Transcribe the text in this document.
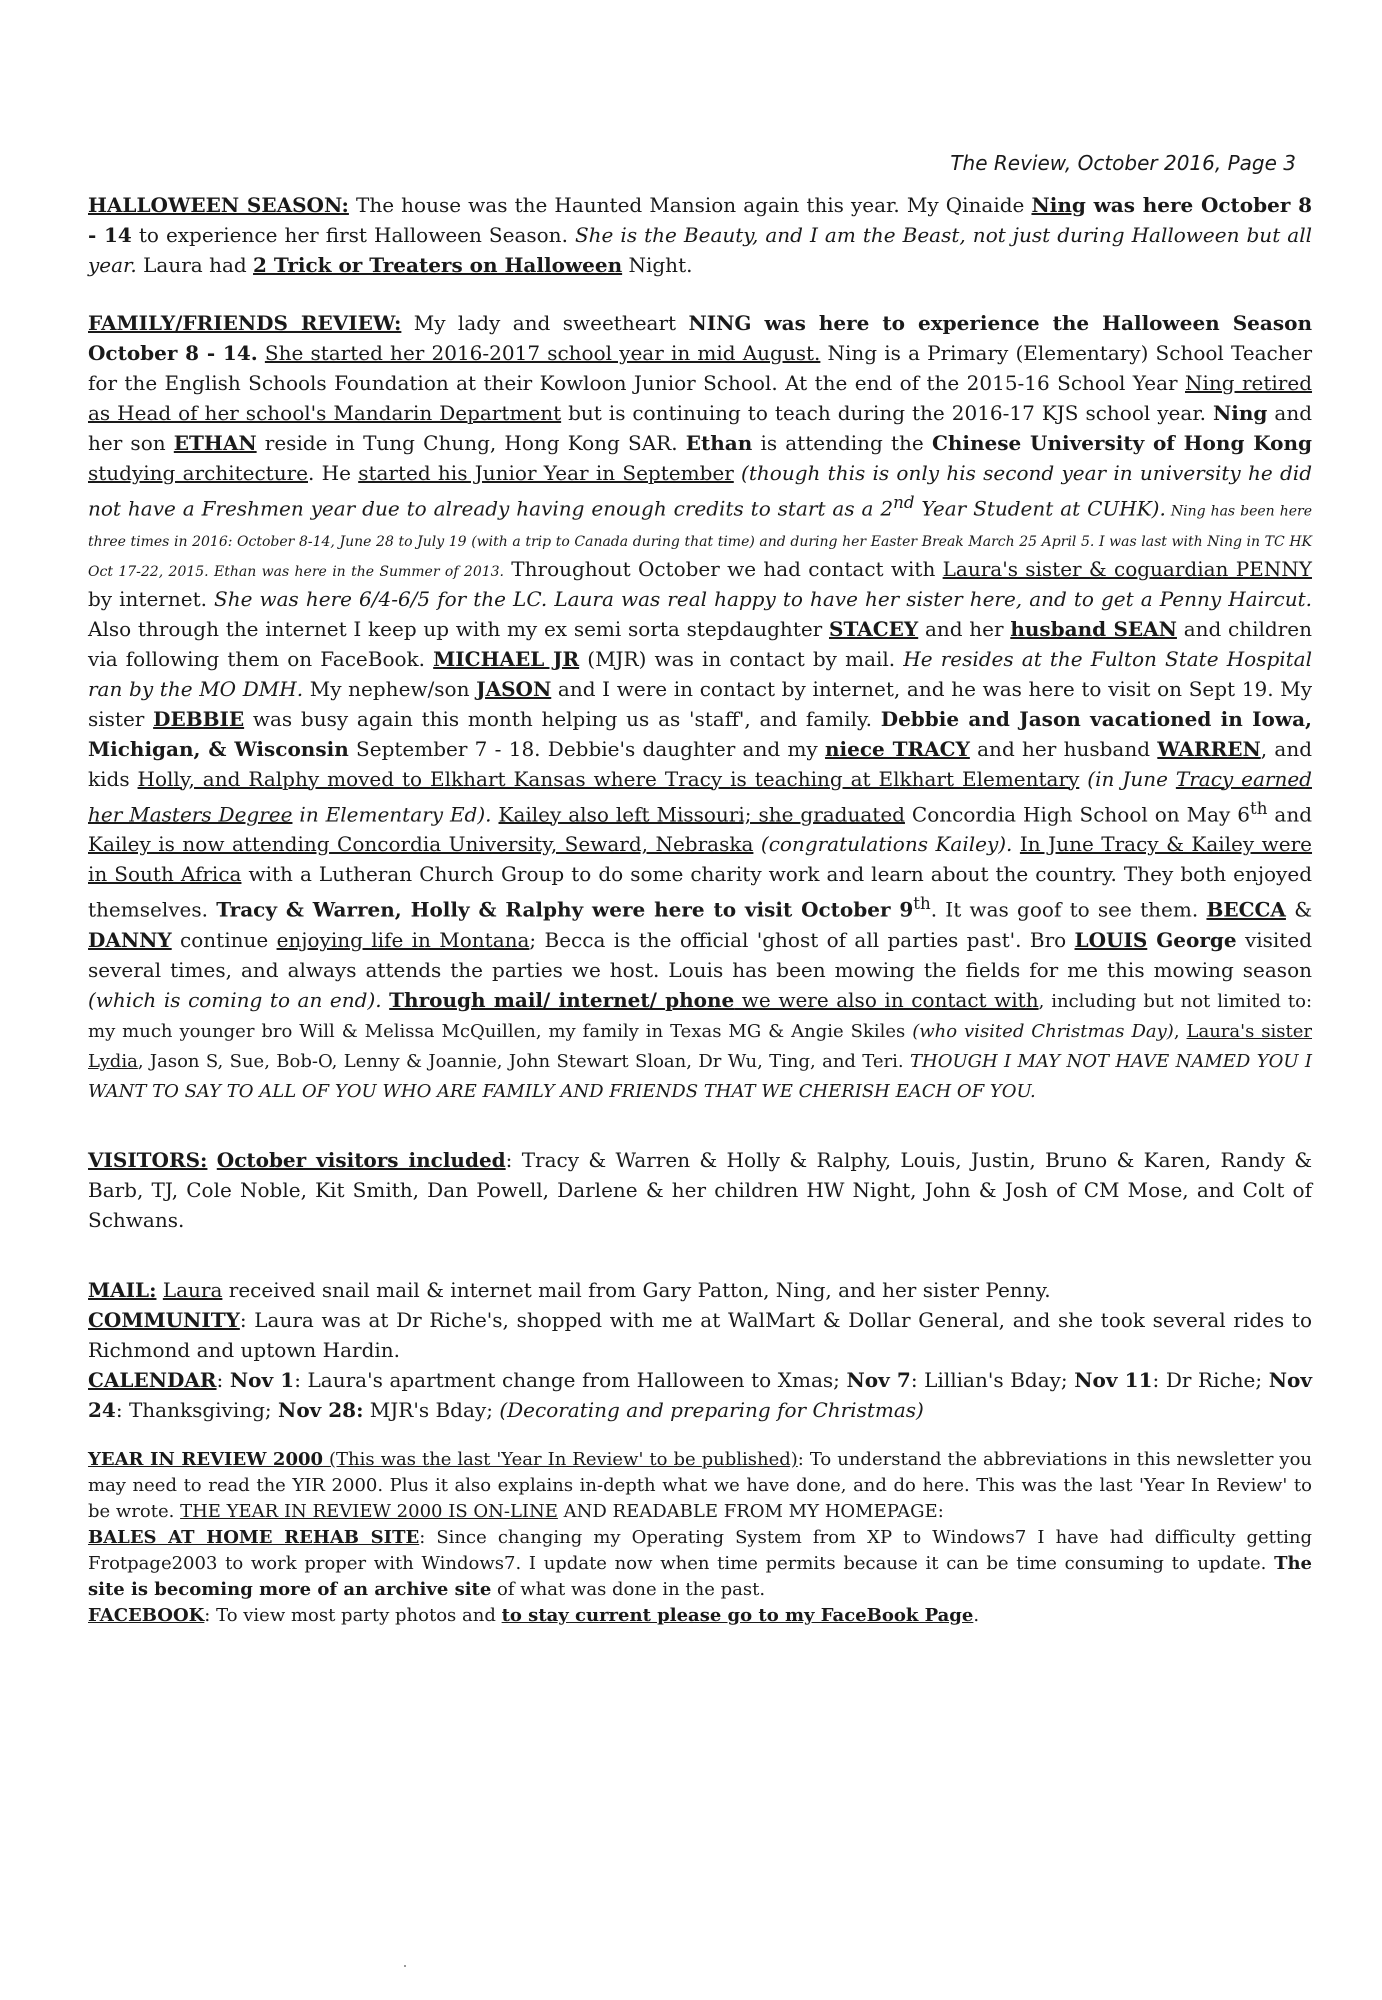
The Review, October 2016, Page 3

HALLOWEEN SEASON: The house was the Haunted Mansion again this year. My Qinaide Ning was here October 8 - 14 to experience her first Halloween Season. She is the Beauty, and I am the Beast, not just during Halloween but all year. Laura had 2 Trick or Treaters on Halloween Night.

FAMILY/FRIENDS REVIEW: My lady and sweetheart NING was here to experience the Halloween Season October 8 - 14. She started her 2016-2017 school year in mid August. Ning is a Primary (Elementary) School Teacher for the English Schools Foundation at their Kowloon Junior School. At the end of the 2015-16 School Year Ning retired as Head of her school's Mandarin Department but is continuing to teach during the 2016-17 KJS school year. Ning and her son ETHAN reside in Tung Chung, Hong Kong SAR. Ethan is attending the Chinese University of Hong Kong studying architecture. He started his Junior Year in September (though this is only his second year in university he did not have a Freshmen year due to already having enough credits to start as a 2nd Year Student at CUHK). Ning has been here three times in 2016: October 8-14, June 28 to July 19 (with a trip to Canada during that time) and during her Easter Break March 25 April 5. I was last with Ning in TC HK Oct 17-22, 2015. Ethan was here in the Summer of 2013. Throughout October we had contact with Laura's sister & coguardian PENNY by internet. She was here 6/4-6/5 for the LC. Laura was real happy to have her sister here, and to get a Penny Haircut. Also through the internet I keep up with my ex semi sorta stepdaughter STACEY and her husband SEAN and children via following them on FaceBook. MICHAEL JR (MJR) was in contact by mail. He resides at the Fulton State Hospital ran by the MO DMH. My nephew/son JASON and I were in contact by internet, and he was here to visit on Sept 19. My sister DEBBIE was busy again this month helping us as 'staff', and family. Debbie and Jason vacationed in Iowa, Michigan, & Wisconsin September 7 - 18. Debbie's daughter and my niece TRACY and her husband WARREN, and kids Holly, and Ralphy moved to Elkhart Kansas where Tracy is teaching at Elkhart Elementary (in June Tracy earned her Masters Degree in Elementary Ed). Kailey also left Missouri; she graduated Concordia High School on May 6th and Kailey is now attending Concordia University, Seward, Nebraska (congratulations Kailey). In June Tracy & Kailey were in South Africa with a Lutheran Church Group to do some charity work and learn about the country. They both enjoyed themselves. Tracy & Warren, Holly & Ralphy were here to visit October 9th. It was goof to see them. BECCA & DANNY continue enjoying life in Montana; Becca is the official 'ghost of all parties past'. Bro LOUIS George visited several times, and always attends the parties we host. Louis has been mowing the fields for me this mowing season (which is coming to an end). Through mail/ internet/ phone we were also in contact with, including but not limited to: my much younger bro Will & Melissa McQuillen, my family in Texas MG & Angie Skiles (who visited Christmas Day), Laura's sister Lydia, Jason S, Sue, Bob-O, Lenny & Joannie, John Stewart Sloan, Dr Wu, Ting, and Teri. THOUGH I MAY NOT HAVE NAMED YOU I WANT TO SAY TO ALL OF YOU WHO ARE FAMILY AND FRIENDS THAT WE CHERISH EACH OF YOU.

VISITORS: October visitors included: Tracy & Warren & Holly & Ralphy, Louis, Justin, Bruno & Karen, Randy & Barb, TJ, Cole Noble, Kit Smith, Dan Powell, Darlene & her children HW Night, John & Josh of CM Mose, and Colt of Schwans.

MAIL: Laura received snail mail & internet mail from Gary Patton, Ning, and her sister Penny.

COMMUNITY: Laura was at Dr Riche's, shopped with me at WalMart & Dollar General, and she took several rides to Richmond and uptown Hardin.

CALENDAR: Nov 1: Laura's apartment change from Halloween to Xmas; Nov 7: Lillian's Bday; Nov 11: Dr Riche; Nov 24: Thanksgiving; Nov 28: MJR's Bday; (Decorating and preparing for Christmas)

YEAR IN REVIEW 2000 (This was the last 'Year In Review' to be published): To understand the abbreviations in this newsletter you may need to read the YIR 2000. Plus it also explains in-depth what we have done, and do here. This was the last 'Year In Review' to be wrote. THE YEAR IN REVIEW 2000 IS ON-LINE AND READABLE FROM MY HOMEPAGE:

BALES AT HOME REHAB SITE: Since changing my Operating System from XP to Windows7 I have had difficulty getting Frotpage2003 to work proper with Windows7. I update now when time permits because it can be time consuming to update. The site is becoming more of an archive site of what was done in the past.

FACEBOOK: To view most party photos and to stay current please go to my FaceBook Page.
